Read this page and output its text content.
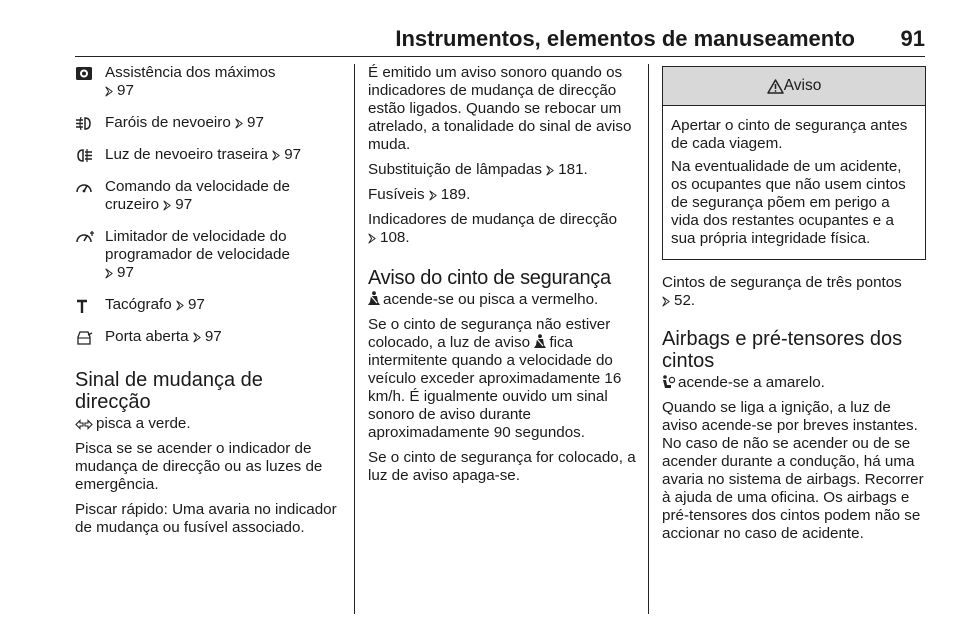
Instrumentos, elementos de manuseamento 91
Assistência dos máximos
97
Faróis de nevoeiro 97
Luz de nevoeiro traseira 97
Comando da velocidade de cruzeiro 97
Limitador de velocidade do programador de velocidade
97
Tacógrafo 97
Porta aberta 97
Sinal de mudança de direcção

pisca a verde.

Pisca se se acender o indicador de mudança de direcção ou as luzes de emergência.

Piscar rápido: Uma avaria no indicador de mudança ou fusível associado.

É emitido um aviso sonoro quando os indicadores de mudança de direcção estão ligados. Quando se rebocar um atrelado, a tonalidade do sinal de aviso muda.

Substituição de lâmpadas 181.

Fusíveis 189.

Indicadores de mudança de direcção
108.

Aviso do cinto de segurança

acende-se ou pisca a vermelho.

Se o cinto de segurança não estiver colocado, a luz de aviso fica intermitente quando a velocidade do veículo exceder aproximadamente 16 km/h. É igualmente ouvido um sinal sonoro de aviso durante aproximadamente 90 segundos.

Se o cinto de segurança for colocado, a luz de aviso apaga-se.

Aviso

Apertar o cinto de segurança antes de cada viagem.

Na eventualidade de um acidente, os ocupantes que não usem cintos de segurança põem em perigo a vida dos restantes ocupantes e a sua própria integridade física.

Cintos de segurança de três pontos
52.

Airbags e pré-tensores dos cintos

acende-se a amarelo.

Quando se liga a ignição, a luz de aviso acende-se por breves instantes. No caso de não se acender ou de se acender durante a condução, há uma avaria no sistema de airbags. Recorrer à ajuda de uma oficina. Os airbags e pré-tensores dos cintos podem não se accionar no caso de acidente.
